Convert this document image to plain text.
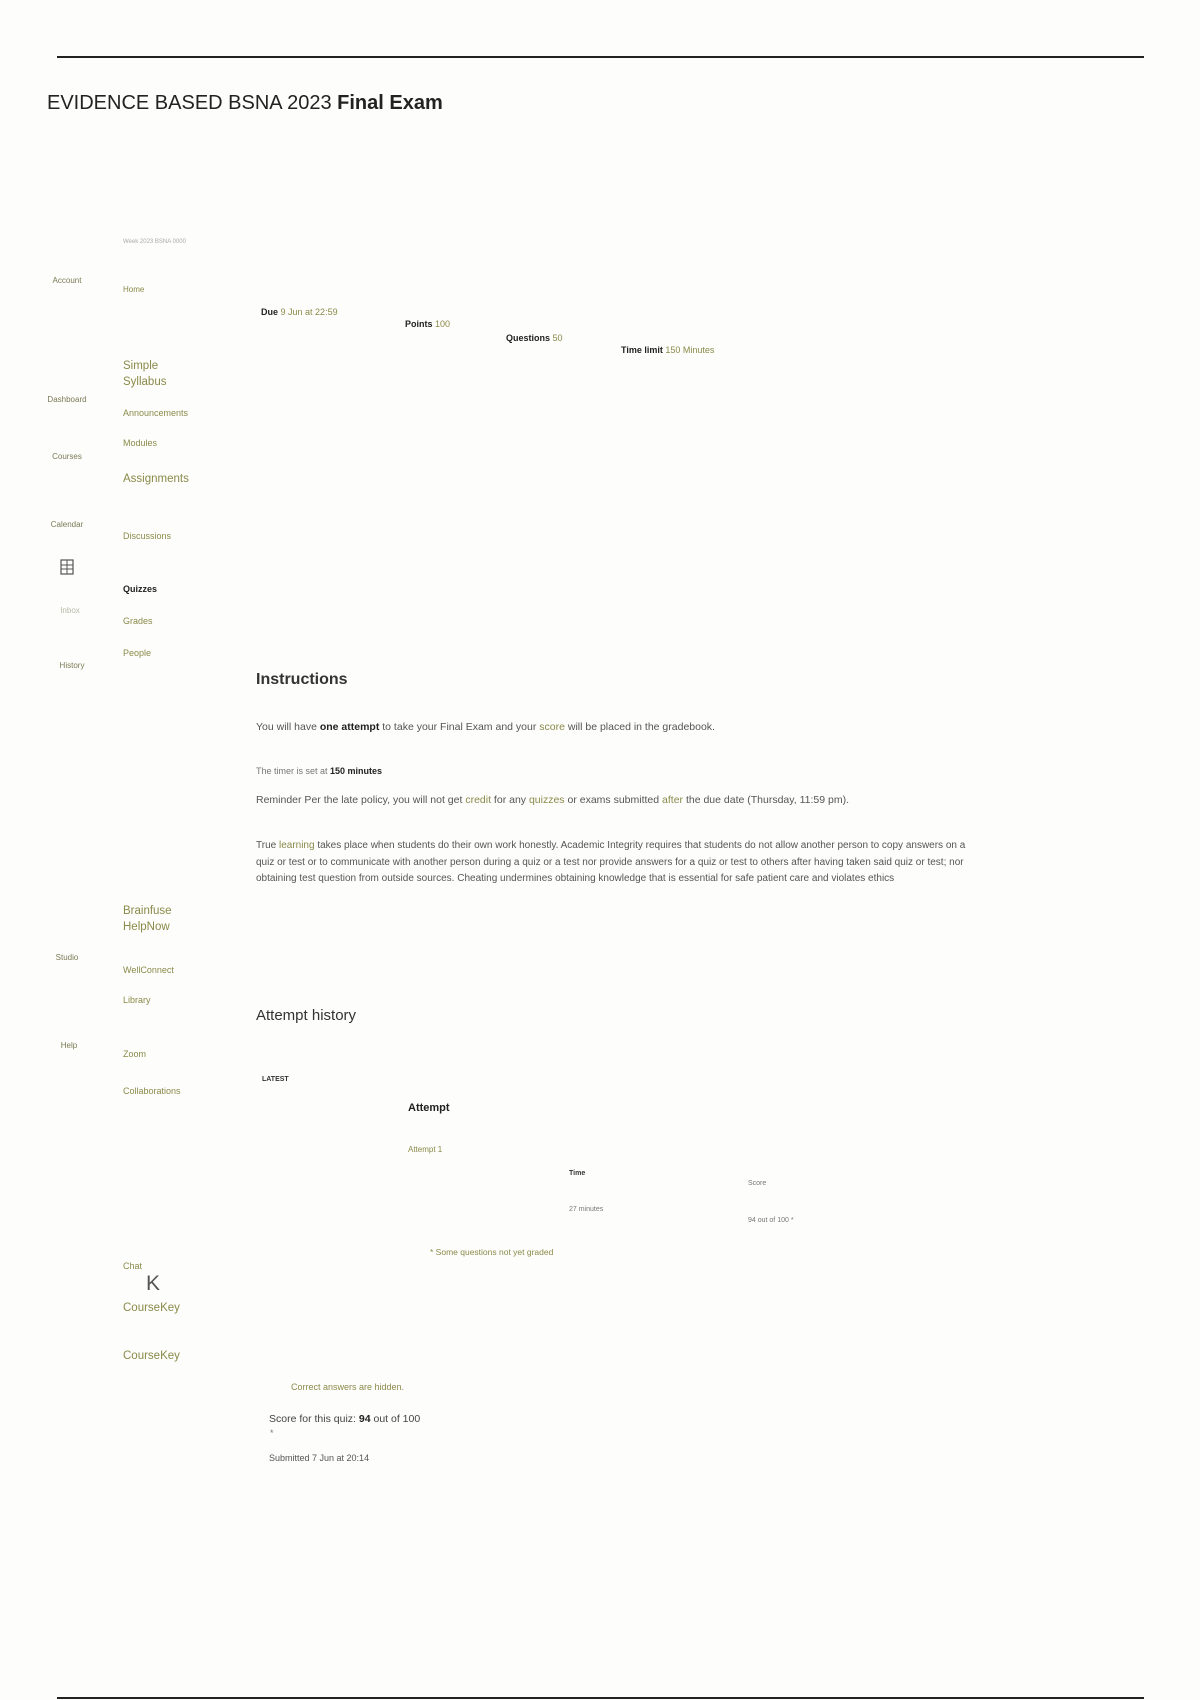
EVIDENCE BASED BSNA 2023 Final Exam
Account
Dashboard
Courses
Calendar
Inbox
History
Studio
Help
Week 2023 BSNA 0000
Home
Simple Syllabus
Announcements
Modules
Assignments
Discussions
Quizzes
Grades
People
Brainfuse HelpNow
WellConnect
Library
Zoom
Collaborations
Chat
K
CourseKey
CourseKey
Due 9 Jun at 22:59
Points 100
Questions 50
Time limit 150 Minutes
Instructions
You will have one attempt to take your Final Exam and your score will be placed in the gradebook.
The timer is set at 150 minutes
Reminder Per the late policy, you will not get credit for any quizzes or exams submitted after the due date (Thursday, 11:59 pm).
True learning takes place when students do their own work honestly. Academic Integrity requires that students do not allow another person to copy answers on a quiz or test or to communicate with another person during a quiz or a test nor provide answers for a quiz or test to others after having taken said quiz or test; nor obtaining test question from outside sources. Cheating undermines obtaining knowledge that is essential for safe patient care and violates ethics
Attempt history
LATEST
Attempt
Attempt 1
Time
27 minutes
Score
94 out of 100 *
* Some questions not yet graded
Correct answers are hidden.
Score for this quiz: 94 out of 100
*
Submitted 7 Jun at 20:14
